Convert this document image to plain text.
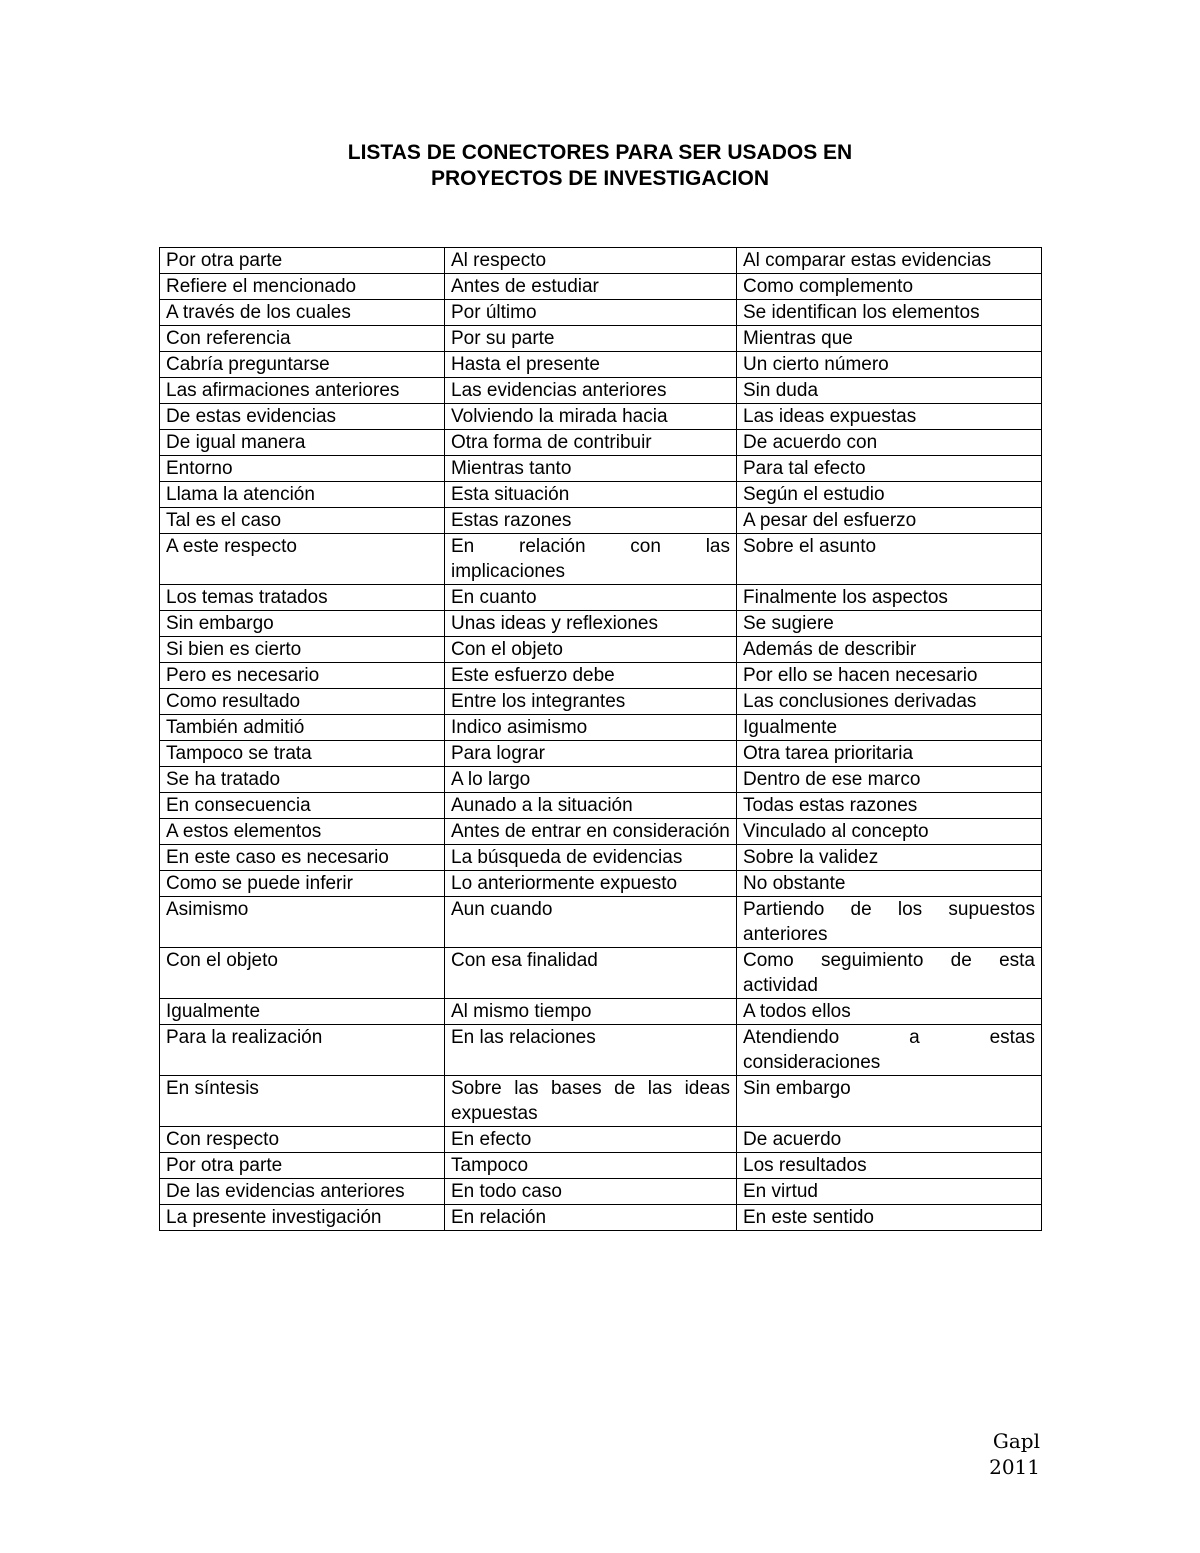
LISTAS DE CONECTORES PARA SER USADOS EN
PROYECTOS DE INVESTIGACION
Por otra parte	Al respecto	Al comparar estas evidencias
Refiere el mencionado	Antes de estudiar	Como complemento
A través de los cuales	Por último	Se identifican los elementos
Con referencia	Por su parte	Mientras que
Cabría preguntarse	Hasta el presente	Un cierto número
Las afirmaciones anteriores	Las evidencias anteriores	Sin duda
De estas evidencias	Volviendo la mirada hacia	Las ideas expuestas
De igual manera	Otra forma de contribuir	De acuerdo con
Entorno	Mientras tanto	Para tal efecto
Llama la atención	Esta situación	Según el estudio
Tal es el caso	Estas razones	A pesar del esfuerzo
A este respecto	En relación con las implicaciones	Sobre el asunto
Los temas tratados	En cuanto	Finalmente los aspectos
Sin embargo	Unas ideas y reflexiones	Se sugiere
Si bien es cierto	Con el objeto	Además de describir
Pero es necesario	Este esfuerzo debe	Por ello se hacen necesario
Como resultado	Entre los integrantes	Las conclusiones derivadas
También admitió	Indico asimismo	Igualmente
Tampoco se trata	Para lograr	Otra tarea prioritaria
Se ha tratado	A lo largo	Dentro de ese marco
En consecuencia	Aunado a la situación	Todas estas razones
A estos elementos	Antes de entrar en consideración	Vinculado al concepto
En este caso es necesario	La búsqueda de evidencias	Sobre la validez
Como se puede inferir	Lo anteriormente expuesto	No obstante
Asimismo	Aun cuando	Partiendo de los supuestos anteriores
Con el objeto	Con esa finalidad	Como seguimiento de esta actividad
Igualmente	Al mismo tiempo	A todos ellos
Para la realización	En las relaciones	Atendiendo a estas consideraciones
En síntesis	Sobre las bases de las ideas expuestas	Sin embargo
Con respecto	En efecto	De acuerdo
Por otra parte	Tampoco	Los resultados
De las evidencias anteriores	En todo caso	En virtud
La presente investigación	En relación	En este sentido
Gapl
2011
